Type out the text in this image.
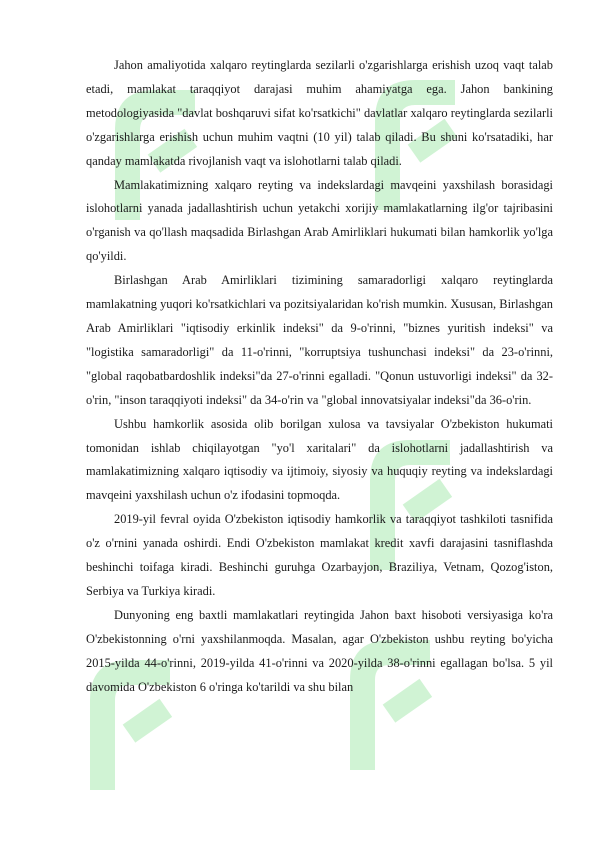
Jahon amaliyotida xalqaro reytinglarda sezilarli o'zgarishlarga erishish uzoq vaqt talab etadi, mamlakat taraqqiyot darajasi muhim ahamiyatga ega. Jahon bankining metodologiyasida "davlat boshqaruvi sifat ko'rsatkichi" davlatlar xalqaro reytinglarda sezilarli o'zgarishlarga erishish uchun muhim vaqtni (10 yil) talab qiladi. Bu shuni ko'rsatadiki, har qanday mamlakatda rivojlanish vaqt va islohotlarni talab qiladi.

Mamlakatimizning xalqaro reyting va indekslardagi mavqeini yaxshilash borasidagi islohotlarni yanada jadallashtirish uchun yetakchi xorijiy mamlakatlarning ilg'or tajribasini o'rganish va qo'llash maqsadida Birlashgan Arab Amirliklari hukumati bilan hamkorlik yo'lga qo'yildi.

Birlashgan Arab Amirliklari tizimining samaradorligi xalqaro reytinglarda mamlakatning yuqori ko'rsatkichlari va pozitsiyalaridan ko'rish mumkin. Xususan, Birlashgan Arab Amirliklari "iqtisodiy erkinlik indeksi" da 9-o'rinni, "biznes yuritish indeksi" va "logistika samaradorligi" da 11-o'rinni, "korruptsiya tushunchasi indeksi" da 23-o'rinni, "global raqobatbardoshlik indeksi"da 27-o'rinni egalladi. "Qonun ustuvorligi indeksi" da 32-o'rin, "inson taraqqiyoti indeksi" da 34-o'rin va "global innovatsiyalar indeksi"da 36-o'rin.

Ushbu hamkorlik asosida olib borilgan xulosa va tavsiyalar O'zbekiston hukumati tomonidan ishlab chiqilayotgan "yo'l xaritalari" da islohotlarni jadallashtirish va mamlakatimizning xalqaro iqtisodiy va ijtimoiy, siyosiy va huquqiy reyting va indekslardagi mavqeini yaxshilash uchun o'z ifodasini topmoqda.

2019-yil fevral oyida O'zbekiston iqtisodiy hamkorlik va taraqqiyot tashkiloti tasnifida o'z o'rnini yanada oshirdi. Endi O'zbekiston mamlakat kredit xavfi darajasini tasniflashda beshinchi toifaga kiradi. Beshinchi guruhga Ozarbayjon, Braziliya, Vetnam, Qozog'iston, Serbiya va Turkiya kiradi.

Dunyoning eng baxtli mamlakatlari reytingida Jahon baxt hisoboti versiyasiga ko'ra O'zbekistonning o'rni yaxshilanmoqda. Masalan, agar O'zbekiston ushbu reyting bo'yicha 2015-yilda 44-o'rinni, 2019-yilda 41-o'rinni va 2020-yilda 38-o'rinni egallagan bo'lsa. 5 yil davomida O'zbekiston 6 o'ringa ko'tarildi va shu bilan
